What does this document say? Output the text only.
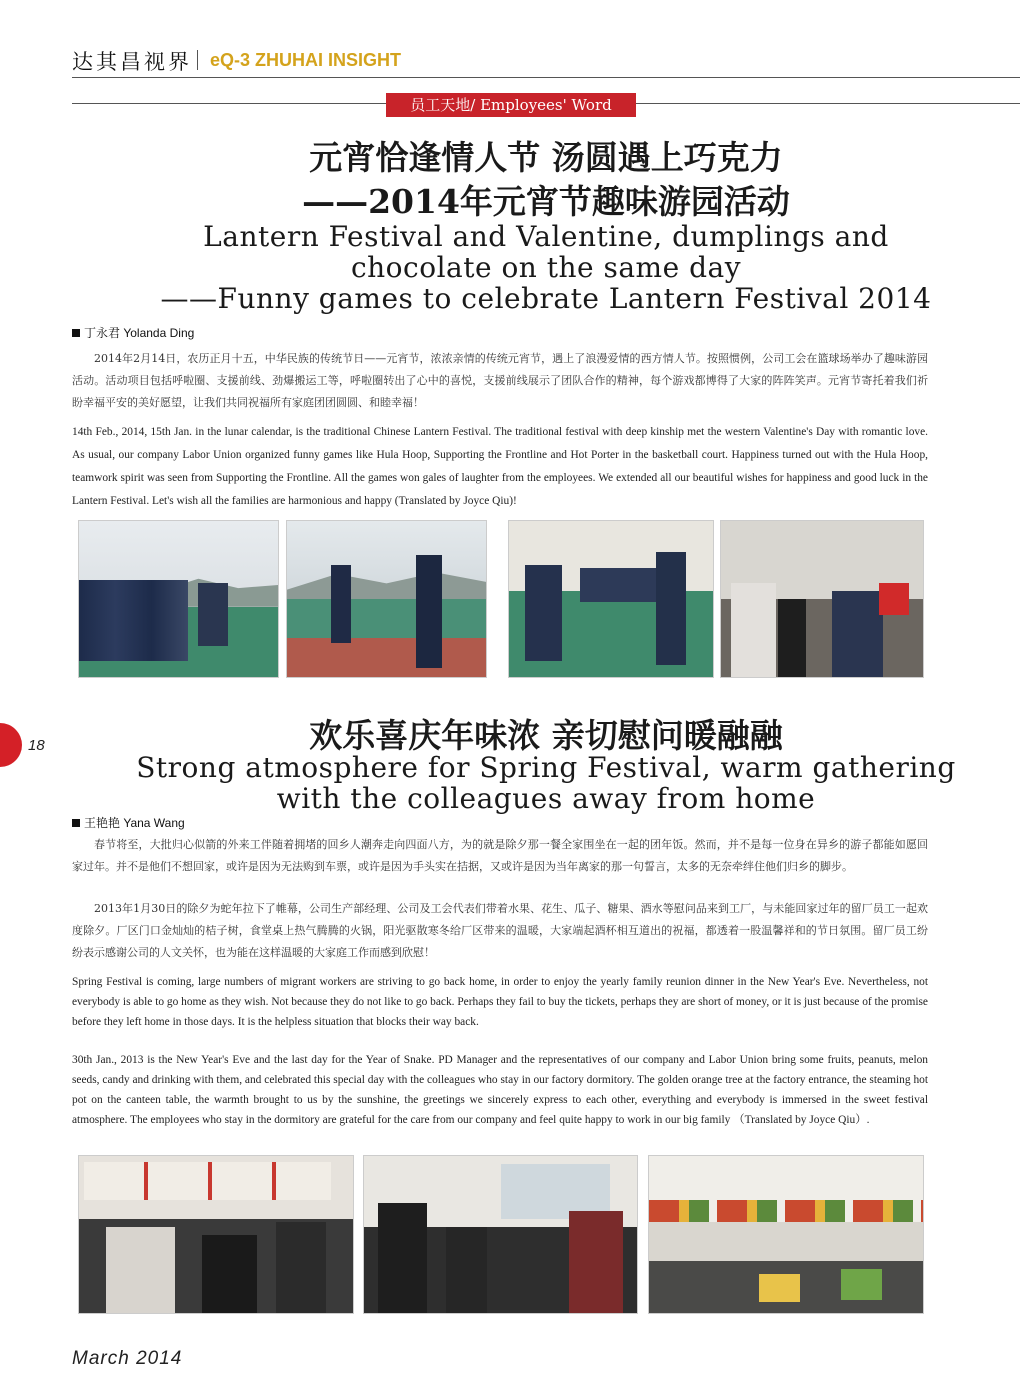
达其昌视界 eQ-3 ZHUHAI INSIGHT
员工天地/ Employees' Word
元宵恰逢情人节 汤圆遇上巧克力
——2014年元宵节趣味游园活动
Lantern Festival and Valentine, dumplings and
chocolate on the same day
——Funny games to celebrate Lantern Festival 2014
丁永君 Yolanda Ding
2014年2月14日，农历正月十五，中华民族的传统节日——元宵节，浓浓亲情的传统元宵节，遇上了浪漫爱情的西方情人节。按照惯例，公司工会在篮球场举办了趣味游园活动。活动项目包括呼啦圈、支援前线、劲爆搬运工等，呼啦圈转出了心中的喜悦，支援前线展示了团队合作的精神，每个游戏都博得了大家的阵阵笑声。元宵节寄托着我们祈盼幸福平安的美好愿望，让我们共同祝福所有家庭团团圆圆、和睦幸福！
14th Feb., 2014, 15th Jan. in the lunar calendar, is the traditional Chinese Lantern Festival. The traditional festival with deep kinship met the western Valentine's Day with romantic love. As usual, our company Labor Union organized funny games like Hula Hoop, Supporting the Frontline and Hot Porter in the basketball court. Happiness turned out with the Hula Hoop, teamwork spirit was seen from Supporting the Frontline. All the games won gales of laughter from the employees. We extended all our beautiful wishes for happiness and good luck in the Lantern Festival. Let's wish all the families are harmonious and happy (Translated by Joyce Qiu)!
18	欢乐喜庆年味浓 亲切慰问暖融融
Strong atmosphere for Spring Festival, warm gathering
with the colleagues away from home
王艳艳 Yana Wang
春节将至，大批归心似箭的外来工伴随着拥堵的回乡人潮奔走向四面八方，为的就是除夕那一餐全家围坐在一起的团年饭。然而，并不是每一位身在异乡的游子都能如愿回家过年。并不是他们不想回家，或许是因为无法购到车票，或许是因为手头实在拮据，又或许是因为当年离家的那一句誓言，太多的无奈牵绊住他们归乡的脚步。
2013年1月30日的除夕为蛇年拉下了帷幕，公司生产部经理、公司及工会代表们带着水果、花生、瓜子、糖果、酒水等慰问品来到工厂，与未能回家过年的留厂员工一起欢度除夕。厂区门口金灿灿的桔子树，食堂桌上热气腾腾的火锅，阳光驱散寒冬给厂区带来的温暖，大家端起酒杯相互道出的祝福，都透着一股温馨祥和的节日氛围。留厂员工纷纷表示感谢公司的人文关怀，也为能在这样温暖的大家庭工作而感到欣慰！
Spring Festival is coming, large numbers of migrant workers are striving to go back home, in order to enjoy the yearly family reunion dinner in the New Year's Eve. Nevertheless, not everybody is able to go home as they wish. Not because they do not like to go back. Perhaps they fail to buy the tickets, perhaps they are short of money, or it is just because of the promise before they left home in those days. It is the helpless situation that blocks their way back.
30th Jan., 2013 is the New Year's Eve and the last day for the Year of Snake. PD Manager and the representatives of our company and Labor Union bring some fruits, peanuts, melon seeds, candy and drinking with them, and celebrated this special day with the colleagues who stay in our factory dormitory. The golden orange tree at the factory entrance, the steaming hot pot on the canteen table, the warmth brought to us by the sunshine, the greetings we sincerely express to each other, everything and everybody is immersed in the sweet festival atmosphere. The employees who stay in the dormitory are grateful for the care from our company and feel quite happy to work in our big family （Translated by Joyce Qiu）.
March 2014
